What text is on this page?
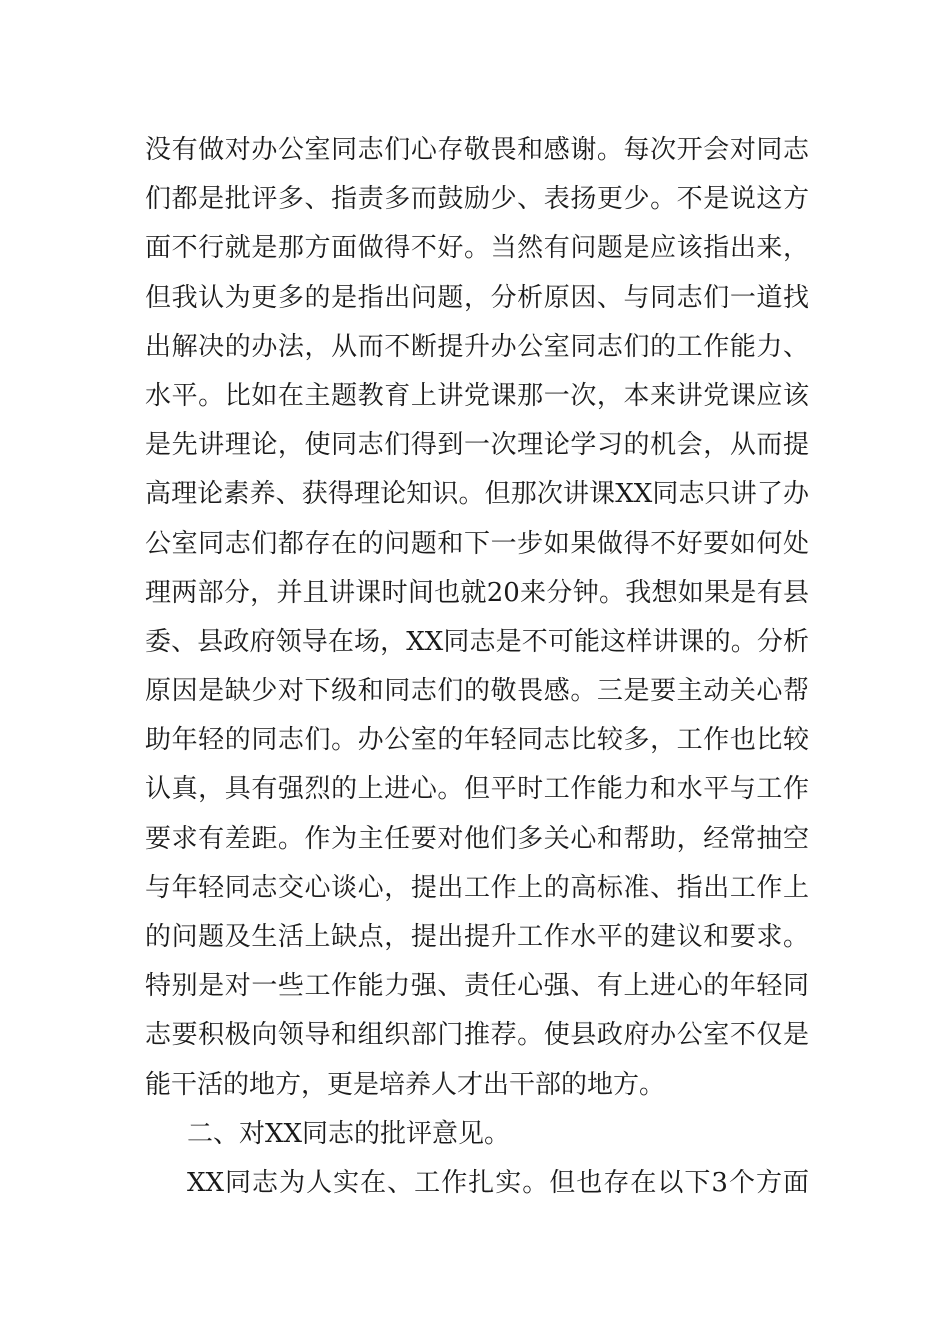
没有做对办公室同志们心存敬畏和感谢。每次开会对同志
们都是批评多、指责多而鼓励少、表扬更少。不是说这方
面不行就是那方面做得不好。当然有问题是应该指出来，
但我认为更多的是指出问题，分析原因、与同志们一道找
出解决的办法，从而不断提升办公室同志们的工作能力、
水平。比如在主题教育上讲党课那一次，本来讲党课应该
是先讲理论，使同志们得到一次理论学习的机会，从而提
高理论素养、获得理论知识。但那次讲课XX同志只讲了办
公室同志们都存在的问题和下一步如果做得不好要如何处
理两部分，并且讲课时间也就20来分钟。我想如果是有县
委、县政府领导在场，XX同志是不可能这样讲课的。分析
原因是缺少对下级和同志们的敬畏感。三是要主动关心帮
助年轻的同志们。办公室的年轻同志比较多，工作也比较
认真，具有强烈的上进心。但平时工作能力和水平与工作
要求有差距。作为主任要对他们多关心和帮助，经常抽空
与年轻同志交心谈心，提出工作上的高标准、指出工作上
的问题及生活上缺点，提出提升工作水平的建议和要求。
特别是对一些工作能力强、责任心强、有上进心的年轻同
志要积极向领导和组织部门推荐。使县政府办公室不仅是
能干活的地方，更是培养人才出干部的地方。
二、对XX同志的批评意见。
XX同志为人实在、工作扎实。但也存在以下3个方面
